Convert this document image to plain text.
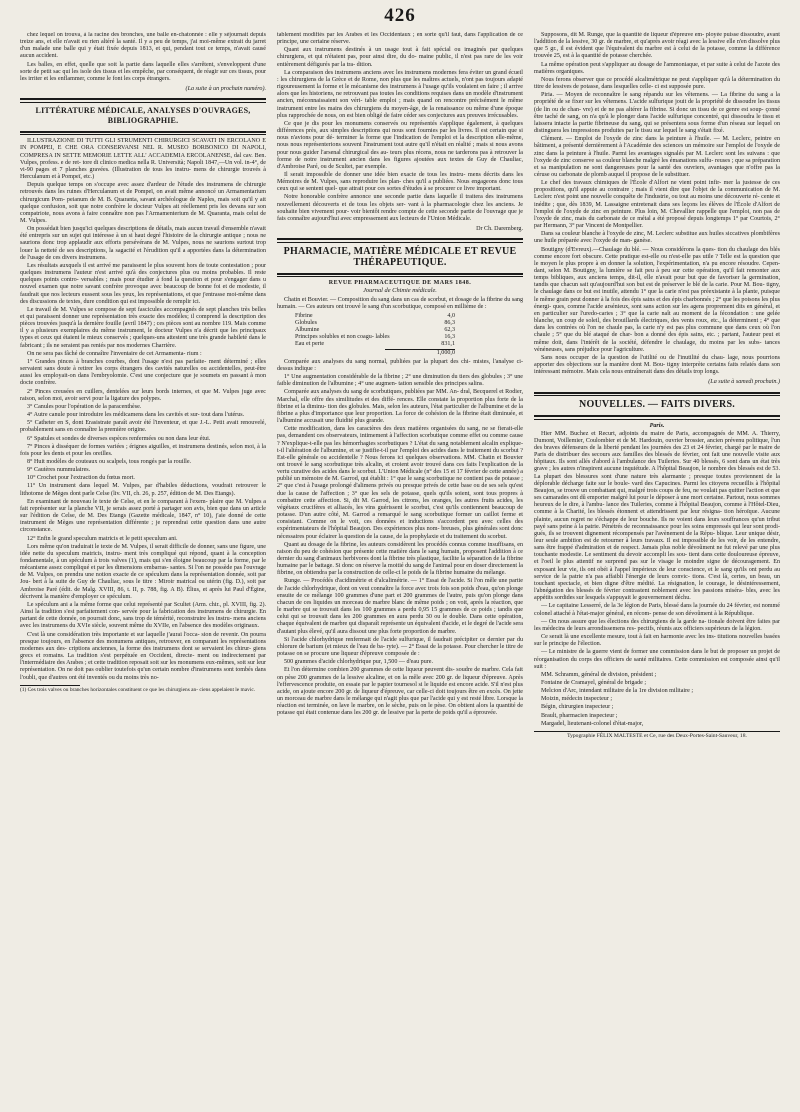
426

chez lequel on trouva, à la racine des bronches, une balle en-chatonnée : elle y séjournait depuis treize ans, et elle n'avait eu rien altéré la santé. Il y a peu de temps, j'ai moi-même extrait du jarret d'un malade une balle qui y était fixée depuis 1813, et qui, pendant tout ce temps, n'avait causé aucun accident.

Les balles, en effet, quelle que soit la partie dans laquelle elles s'arrêtent, s'enveloppent d'une sorte de petit sac qui les isole des tissus et les empêche, par conséquent, de réagir sur ces tissus, pour les irriter et les enflammer, comme le font les corps étrangers.

(La suite à un prochain numéro).
LITTÉRATURE MÉDICALE, ANALYSES D'OUVRAGES, BIBLIOGRAPHIE.

ILLUSTRAZIONE DI TUTTI GLI STRUMENTI CHIRURGICI SCAVATI IN ERCOLANO E IN POMPEI, E CHE ORA CONSERVANSI NEL R. MUSEO BORBONICO DI NAPOLI, COMPRESA IN SETTE MEMORIE LETTE ALL' ACCADEMIA ERCOLANENSE, dal cav. Ben. Vulpes, profess. e de ret- tore di clinico medica nella R. Università; Napoli 1847,—Un vol. in-4°, de vi-90 pages et 7 planches gravées. (Illustration de tous les instru- mens de chirurgie trouvés à Herculanum et à Pompeï, etc.)

Depuis quelque temps on s'occupe avec assez d'ardeur de l'étude des instrumens de chirurgie retrouvés dans les ruines d'Herculanum et de Pompeï, on avait même annoncé un Armamentarium chirurgicum Pom- peianum de M. B. Quaranta, savant archéologue de Naples, mais soit qu'il y ait quelque confusion, soit que notre confrère le docteur Vulpes ait réellement pris les devans sur son compatriote, nous avons à faire connaître non pas l'Armamenterium de M. Quaranta, mais celui de M. Vulpes.

On possédait bien jusqu'ici quelques descriptions de détails, mais aucun travail d'ensemble n'avait été entrepris sur un sujet qui intéresse à un si haut degré l'histoire de la chirurgie antique ; nous ne saurions donc trop applaudir aux efforts persévérans de M. Vulpes, nous ne saurions surtout trop louer la netteté de ses descriptions, la sagacité et l'érudition qu'il a apportées dans la détermination de l'usage de ces divers instrumens.

Les résultats auxquels il est arrivé me paraissent le plus souvent hors de toute contestation ; pour quelques instrumens l'auteur n'est arrivé qu'à des conjectures plus ou moins probables. Il reste quelques points contro- versables ; mais pour étudier à fond la question et pour s'engager dans u nouvel examen que notre savant confrère provoque avec beaucoup de bonne foi et de modestie, il faudrait que nos lecteurs eussent sous les yeux, les représentations, et que j'entrasse moi-même dans des discussions de textes, dure condition qui est impossible de remplir ici.

Le travail de M. Vulpes se compose de sept fascicules accompagnés de sept planches très belles et qui paraissent donner une représentation très exacte des modèles; il comprend la description des pièces trouvées jusqu'à la dernière fouille (avril 1847) ; ces pièces sont au nombre 119. Mais comme il y a plusieurs exemplaires du même instrument, le docteur Vulpes n'a décrit que les principaux types et ceux qui étaient le mieux conservés ; quelques-uns attestent une très grande habileté dans le fabricant ; ils ne seraient pas reniés par nos modernes Charrière.

On ne sera pas fâché de connaître l'inventaire de cet Armamenta- rium :

1° Grandes pinces à branches courbes, dont l'usage n'est pas parfaite- ment déterminé ; elles servaient sans doute à retirer les corps étrangers des cavités naturelles ou accidentelles, peut-être aussi les employait-on dans l'embryolomie. C'est une conjecture que je soumets en passant à mon docte confrère.

2° Pinces creusées en cuillers, dentelées sur leurs bords internes, et que M. Vulpes juge avec raison, selon moi, avoir servi pour la ligature des polypes.

3° Canules pour l'opération de la paracenthèse.

4° Autre canule pour introduire les médicamens dans les cavités et sur- tout dans l'utérus.

5° Catheter en S, dont Erasistrate paraît avoir été l'inventeur, et que J.-L. Petit avait renouvelé, probablement sans en connaître la première origine.

6° Spatules et sondes de diverses espèces renfermées ou non dans leur étui.

7° Pinces à disséquer de formes variées ; érignes aiguilles, et instrumens destinés, selon moi, à la fois pour les dents et pour les oreilles.

8° Huit modèles de couteaux ou scalpels, tous rongés par la rouille.

9° Cautères nummulaires.

10° Crochet pour l'extraction du fœtus mort.

11° Un instrument dans lequel M. Vulpes, par d'habiles déductions, voudrait retrouver le lithotome de Mèges dont parle Celse (liv. VII, ch. 26, p. 257, édition de M. Des Etangs).

En examinant de nouveau le texte de Celse, et en le comparant à l'exem- plaire que M. Vulpes a fait représenter sur la planche VII, je serais assez porté à partager son avis, bien que dans un article sur l'édition de Celse, de M. Des Etangs (Gazette médicale, 1847, n° 10), j'aie donné de cette instrument de Mèges une représentation différente ; je reprendrai cette question dans une autre circonstance.

12° Enfin le grand speculum matricis et le petit speculum ani.

Lors même qu'on traduirait le texte de M. Vulpes, il serait difficile de donner, sans une figure, une idée nette du speculum matricis, instru- ment très compliqué qui répond, quant à la conception fondamentale, à un spéculum à trois valves (1), mais qui s'en éloigne beaucoup par la forme, par le mécanisme assez compliqué et par les dimensions embarras- santes. Si l'on ne possède pas l'ouvrage de M. Vulpes, on prendra une notion exacte de ce spéculum dans la représentation donnée, soit par Jou- bert à la suite de Guy de Chauliac, sous le titre : Miroir matrical ou utérin (fig. D.), soit par Ambroise Paré (édit. de Malg. XVIII, 86, t. II, p. 788, fig. A B). Élius, et après lui Paul d'Égine, décrivent la manière d'employer ce spéculum.

Le spéculum ani a la même forme que celui représenté par Scultet (Arm. chir., pl. XVIII, fig. 2). Ainsi la tradition s'est parfaitement con- servée pour la fabrication des instrumens de chirurgie. En partant de cette donnée, on pourrait donc, sans trop de témérité, reconstruire les instru- mens anciens avec les instrumens du XVIe siècle, souvent même du XVIIe, en l'absence des modèles originaux.

C'est là une considération très importante et sur laquelle j'aurai l'occa- sion de revenir. On pourra presque toujours, en l'absence des monumens antiques, retrouver, en comparant les représentations modernes aux des- criptions anciennes, la forme des instrumens dont se servaient les chirur- giens grecs et romains. La tradition s'est perpétuée en Occident, directe- ment ou indirectement par l'intermédiaire des Arabes ; et cette tradition reposait soit sur les monumens eux-mêmes, soit sur leur représentation. On ne doit pas oublier toutefois qu'un certain nombre d'instrumens sont tombés dans l'oubli, que d'autres ont été inventés ou du moins très no-

(1) Ces trois valves ou branches horizontales constituent ce que les chirurgiens an- ciens appelaient le mavic.

tablement modifiés par les Arabes et les Occidentaux ; en sorte qu'il faut, dans l'application de ce principe, une certaine réserve.

Quant aux instrumens destinés à un usage tout à fait spécial ou imaginés par quelques chirurgiens, et qui n'étaient pas, pour ainsi dire, du do- maine public, il n'est pas rare de les voir entièrement défigurés par la tra- dition.

La comparaison des instrumens anciens avec les instrumens modernes fera éviter un grand écueil : les chirurgiens de la Grèce et de Rome, non plus que les maîtres actuels, n'ont pas toujours adapté rigoureusement la forme et le mécanisme des instrumens à l'usage qu'ils voulaient en faire ; il arrive alors que les historiens, ne retrouvant pas toutes les conditions requises dans un modèle d'instrument ancien, méconnaissaient son véri- table emploi ; mais quand on rencontre précisément le même instrument entre les mains des chirurgiens du moyen-âge, de la renaissance ou même d'une époque plus rapprochée de nous, on est bien obligé de faire céder ses conjectures aux preuves irrécusables.

Ce que je dis pour les monumens conservés ou représentés s'applique également, à quelques différences près, aux simples descriptions qui nous sont fournies par les livres. Il est certain que si nous n'avions pour dé- terminer la forme que l'indication de l'emploi et la description elle-même, nous nous représenterions souvent l'instrument tout autre qu'il n'était en réalité ; mais si nous avons pour nous guider l'arsenal chirurgical des au- teurs plus récens, nous ne tarderons pas à retrouver la forme de notre instrument ancien dans les figures ajoutées aux textes de Guy de Chauliac, d'Ambroise Paré, ou de Scultet, par exemple.

Il serait impossible de donner une idée bien exacte de tous les instru- mens décrits dans les Mémoires de M. Vulpes, sans reproduire les plan- ches qu'il a publiées. Nous engageons donc tous ceux qui se sentent quel- que attrait pour ces sortes d'études à se procurer ce livre important.

Notre honorable confrère annonce une seconde partie dans laquelle il traitera des instrumens nouvellement découverts et de tous les objets ser- vant à la pharmacologie chez les anciens. Je souhaite bien vivement pour- voir bientôt rendre compte de cette seconde partie de l'ouvrage que je fais connaître aujourd'hui avec empressement aux lecteurs de l'Union Médicale.

Dr Ch. Daremberg.
PHARMACIE, MATIÈRE MÉDICALE ET REVUE THÉRAPEUTIQUE.
REVUE PHARMACEUTIQUE DE MARS 1848.
Journal de Chimie médicale.

Chatin et Bouvier. — Composition du sang dans un cas de scorbut, et dosage de la fibrine du sang humain. — Ces auteurs ont trouvé le sang d'un scorbutique, composé en millième de :

Fibrine	4,0
Globules	86,3
Albumine	62,3
Principes solubles et non coagu- lables	16,3
Eau et perte	831,1
1,000,0

Comparée aux analyses du sang normal, publiées par la plupart des chi- mistes, l'analyse ci-dessus indique :

1° Une augmentation considérable de la fibrine ; 2° une diminution du tiers des globules ; 3° une faible diminution de l'albumine ; 4° une augmen- tation sensible des principes salins.

Comparée aux analyses du sang de scorbutiques, publiées par MM. An- dral, Becquerel et Rodier, Marchal, elle offre des similitudes et des diffé- rences. Elle constate la proportion plus forte de la fibrine et la diminu- tion des globules. Mais, selon les auteurs, l'état particulier de l'albumine et de la fibrine a plus d'importance que leur proportion. La force de cohésion de la fibrine était diminuée, et l'albumine accusait une fluidité plus grande.

Cette modification, dans les caractères des deux matières organisées du sang, ne se fierait-elle pas, demandent ces observateurs, intimement à l'affection scorbutique comme effet ou comme cause ? N'explique-t-elle pas les hémorrhagies scorbutiques ? L'état du sang notablement alcalin explique-t-il l'altération de l'albumine, et se justifie-t-il par l'emploi des acides dans le traitement du scorbut ? Est-elle générale ou accidentelle ? Nous ferons ici quelques observations. MM. Chatin et Bouvier ont trouvé le sang scorbutique très alcalin, et croient avoir trouvé dans ces faits l'explication de la vertu curative des acides dans le scorbut. L'Union Médicale (n° des 15 et 17 février de cette année) a publié un mémoire de M. Garrod, qui établit : 1° que le sang scorbutique ne contient pas de potasse ; 2° que c'est à l'usage prolongé d'alimens privés ou presque privés de cette base ou de ses sels qu'est due la cause de l'affection ; 3° que les sels de potasse, quels qu'ils soient, sont tous propres à combattre cette affection. Si, dit M. Garrod, les citrons, les oranges, les autres fruits acides, les végétaux crucifères et alliacés, les vins guérissent le scorbut, c'est qu'ils contiennent beaucoup de potasse. D'un autre côté, M. Garrod a remarqué le sang scorbutique former un caillot ferme et consistant. Comme on le voit, ces données et inductions s'accordent peu avec celles des expérimentateurs de l'hôpital Beaujon. Des expériences plus nom- breuses, plus générales sont donc nécessaires pour éclairer la question de la cause, de la prophylaxie et du traitement du scorbut.

Quant au dosage de la fibrine, les auteurs considèrent les procédés connus comme insuffisans, en raison du peu de cohésion que présente cette matière dans le sang humain, proposent l'addition à ce dernier du sang d'animaux herbivores dont la fibrine très plastique, facilite la séparation de la fibrine humaine par le battage. Si donc on réserve la moitié du sang de l'animal pour en doser directement la fibrine, on obtiendra par la construction de celle-ci le poids de la fibrine humaine du mélange.

Runge. — Procédés d'acidimétrie et d'alcalimétrie. — 1° Essai de l'acide. Si l'on mêle une partie de l'acide chlorhydrique, dont on veut connaître la force avec trois fois son poids d'eau, qu'on plonge ensuite de ce mélange 100 grammes d'une part et 200 grammes de l'autre, puis qu'on plonge dans chacun de ces liquides un morceau de marbre blanc de même poids ; on voit, après la réaction, que le marbre qui se trouvait dans les 100 grammes a perdu 0,95 15 grammes de ce poids ; tandis que celui qui se trouvait dans les 200 grammes en aura perdu 30 ou le double. Dans cette opération, chaque équivalent de marbre qui disparaît représente un équivalent d'acide, et le degré de l'acide sera d'autant plus élevé, qu'il aura dissout une plus forte proportion de marbre.

Si l'acide chlorhydrique renfermait de l'acide sulfurique, il faudrait précipiter ce dernier par du chlorure de barium (et mieux de l'eau de ba- ryte). — 2° Essai de la potasse. Pour chercher le titre de potasse on se procure une liqueur d'épreuve composée de :

500 grammes d'acide chlorhydrique pur, 1,500 — d'eau pure.

Et l'on détermine combien 200 grammes de cette liqueur peuvent dis- soudre de marbre. Cela fait on pèse 200 grammes de la lessive alcaline, et on la mêle avec 200 gr. de liqueur d'épreuve. Après l'effervescence produite, on essaie par le papier tournesol si le liquide est encore acide. S'il n'est plus acide, on ajoute encore 200 gr. de liqueur d'épreuve, car celle-ci doit toujours être en excès. On jette un morceau de marbre dans le mélange qui n'agit plus que par l'acide qui y est resté libre. Lorsque la réaction est terminée, on lave le marbre, on le sèche, puis on le pèse. On obtient alors la quantité de potasse qui était contenue dans les 200 gr. de lessive par la perte de poids qu'il a éprouvée.

Supposons, dit M. Runge, que la quantité de liqueur d'épreuve em- ployée puisse dissoudre, avant l'addition de la lessive, 30 gr. de marbre, et qu'après avoir réagi avec la lessive elle n'en dissolve plus que 5 gr., il est évident que l'équivalent du marbre est à celui de la potasse, comme la différence trouvée 25, est à la quantité de potasse cherchée.

La même opération peut s'appliquer au dosage de l'ammoniaque, et par suite à celui de l'azote des matières organiques.

Nous ferons observer que ce procédé alcalimétrique ne peut s'appliquer qu'à la détermination du titre de lessives de potasse, dans lesquelles celle- ci est supposée pure.

Piria. — Moyen de reconnaître le sang répandu sur les vêtemens. — La fibrine du sang a la propriété de se fixer sur les vêtemens. L'acide sulfurique jouit de la propriété de dissoudre les tissus (de lin ou de chan- vre) et de ne pas altérer la fibrine. Si donc un tissu de ce genre est soup- çonné être taché de sang, on n'a qu'à le plonger dans l'acide sulfurique concentré, qui dissoudra le tissu et laissera intacte la partie fibrineuse du sang, qui se présentera sous forme d'un réseau sur lequel on distinguera les impressions produites par le tissu sur lequel le sang s'était fixé.

Clément. — Emploi de l'oxyde de zinc dans la peinture à l'huile. — M. Leclerc, peintre en bâtiment, a présenté dernièrement à l'Académie des sciences un mémoire sur l'emploi de l'oxyde de zinc dans la peinture à l'huile. Parmi les avantages signalés par M. Leclerc sont les suivans : que l'oxyde de zinc conserve sa couleur blanche malgré les émanations sulfu- reuses ; que sa préparation et sa manipulation ne sont dangereuses pour la santé des ouvriers, avantages que n'offre pas la céruse ou carbonate de plomb auquel il propose de le substituer.

Le chef des travaux chimiques de l'École d'Alfort ne vient point infir- mer la justesse de ces propositions, qu'il appuie au contraire ; mais il vient dire que l'objet de la communication de M. Leclerc n'est point une nouvelle conquête de l'industrie, ou tout au moins une découverte ré- cente et inédite ; que, dès 1839, M. Lassaigne entretenait dans ses leçons les élèves de l'École d'Alfort de l'emploi de l'oxyde de zinc en peinture. Plus loin, M. Chevallier rappelle que l'emploi, non pas de l'oxyde de zinc, mais du carbonate de ce métal a été proposé depuis longtemps 1° par Courtois, 2° par Hermann, 3° par Vincent de Montpellier.

Dans sa couleur blanche à l'oxyde de zinc, M. Leclerc substitue aux huiles siccatives plombifères une huile préparée avec l'oxyde de man- ganèse.

Boutigny (d'Evreux).—Chaulage du blé. — Nous considérons la ques- tion du chaulage des blés comme encore fort obscure. Cette pratique est-elle ou n'est-elle pas utile ? Telle est la question que le moyen le plus propre à en donner la solution, l'expérimentation, n'a pu encore résoudre. Cepen- dant, selon M. Boutigny, la lumière se fait peu à peu sur cette opération, qu'il fait remonter aux temps bibliques, aux anciens temps, dit-il, elle n'avait pour but que de favoriser la germination, tandis que chacun sait qu'aujourd'hui son but est de préserver le blé de la carie. Pour M. Bou- tigny, le chaulage dans ce but est inutile, attendu 1° que la carie n'est pas préexistante à la plante, puisque le même grain peut donner à la fois des épis sains et des épis charbonnés ; 2° que les poisons les plus énergi- ques, comme l'acide arsénieux, sont sans action sur les agens proprement dits en général, et en particulier sur l'uredo-caries ; 3° que la carie naît au moment de la fécondation : une gelée blanche, un coup de soleil, des brouillards électriques, des vents roux, etc., la déterminent ; 4° que dans les contrées où l'on ne chaule pas, la carie n'y est pas plus commune que dans ceux où l'on chaule ; 5° que du blé ataqué de char- bon a donné des épis sains, etc. ; partant, l'auteur peut et même doit, dans l'intérêt de la société, défendre le chaulage, du moins par les subs- tances vénéneuses, sans préjudice pour l'agriculture.

Sans nous occuper de la question de l'utilité ou de l'inutilité du chau- lage, nous pourrions apporter des objections sur la manière dont M. Bou- tigny interprète certains faits relatés dans son intéressant mémoire. Mais cela nous entraînerait dans des détails trop longs.

(La suite à samedi prochain.)
NOUVELLES. — FAITS DIVERS.
Paris.

Hier MM. Buchez et Recurt, adjoints du maire de Paris, accompagnés de MM. A. Thierry, Dumont, Voillemier, Coulombier et de M. Hardouin, ouvrier brossier, ancien prévenu politique, l'un des braves défenseurs de la liberté pendant les journées des 23 et 24 février, chargé par le maire de Paris de distribuer des secours aux familles des blessés de février, ont fait une nouvelle visite aux hôpitaux. Ils sont allés d'abord à l'ambulance des Tuileries. Sur 40 blessés, 6 sont dans un état très grave ; les autres n'inspirent aucune inquiétude. A l'hôpital Beaujon, le nombre des blessés est de 53. La plupart des blessures sont d'une nature très alarmante ; presque toutes proviennent de la déplorable décharge faite sur le boule- vard des Capucines. Parmi les citoyens recueillis à l'hôpital Beaujon, se trouve un combattant qui, malgré trois coups de feu, ne voulait pas quitter l'action et que ses camarades ont dû emporter malgré lui pour le déposer à une mort certaine. Partout, nous sommes heureux de le dire, à l'ambu- lance des Tuileries, comme à l'hôpital Beaujon, comme à l'Hôtel-Dieu, comme à la Charité, les blessés étonnent et attendrissent par leur résigna- tion héroïque. Aucune plainte, aucun regret ne s'échappe de leur bouche. Ils ne voient dans leurs souffrances qu'un tribut payé sans peine à la patrie. Pénétrés de reconnaissance pour les soins empressés qui leur sont prodi- gués, ils se trouvent dignement récompensés par l'avènement de la Répu- blique. Leur unique désir, leur seule ambition est de retourner à leurs travaux. Il est impossible de les voir, de les entendre, sans être frappé d'admiration et de respect. Jamais plus noble dévoûment ne fut relevé par une plus touchante modestie. Le sentiment du devoir accompli les sou- tient dans cette douloureuse épreuve, et l'oeil le plus attentif ne surprend pas sur le visage le moindre signe de découragement. En exposant leur vie, ils ont obéi à l'appel impérieux de leur conscience, et le sang qu'ils ont perdu au service de la patrie n'a pas affaibli l'énergie de leurs convic- tions. C'est là, certes, un beau, un touchant spectacle, et bien digne d'être médité. La résignation, le courage, le désintéressement, l'abnégation des blessés de février contrastent noblement avec les passions miséra- bles, avec les appétits sordides sur lesquels s'appuyait le gouvernement déchu.

— Le capitaine Lesserré, de la 3e légion de Paris, blessé dans la journée du 24 février, est nommé colonel attaché à l'état-major général, en récom- pense de son dévoûment à la République.

— On nous assure que les élections des chirurgiens de la garde na- tionale doivent être faites par les médecins de leurs arrondissemens res- pectifs, réunis aux officiers supérieurs de la légion.

Ce serait là une excellente mesure, tout à fait en harmonie avec les ins- titutions nouvelles basées sur le principe de l'élection.

— Le ministre de la guerre vient de former une commission dans le but de proposer un projet de réorganisation du corps des officiers de santé militaires. Cette commission est composée ainsi qu'il suit :

MM. Schramm, général de division, président ;

Fontaine de Cramayel, général de brigade ;

Melcion d'Arc, intendant militaire de la 1re division militaire ;

Moizin, médecin inspecteur ;

Bégin, chirurgien inspecteur ;

Brault, pharmacien inspecteur ;

Margadel, lieutenant-colonel d'état-major,

Typographie FÉLIX MALTESTE et Ce, rue des Deux-Portes-Saint-Sauveur, 18.
